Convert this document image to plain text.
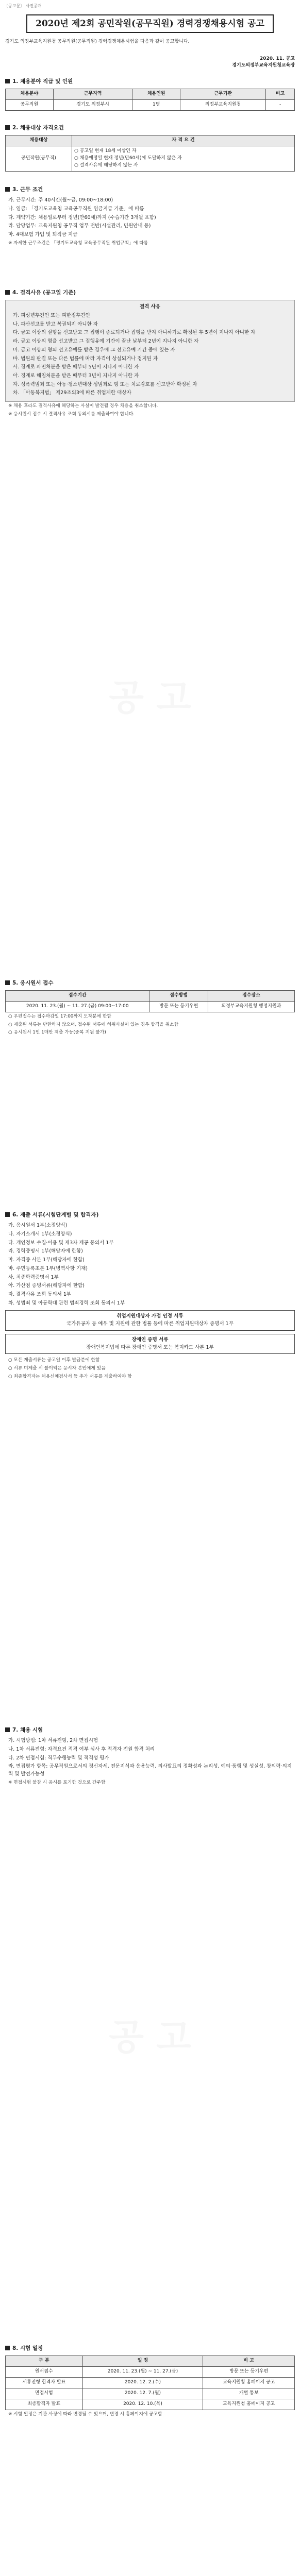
〔공고문〕 사전공개
2020년 제2회 공민작원(공무직원) 경력경쟁채용시험 공고
경기도 의정부교육지원청 공무직원(공무직원) 경력경쟁채용시험을 다음과 같이 공고합니다.
2020. 11. 공고
경기도의정부교육지원청교육장
1. 채용분야 직급 및 인원
채용분야	근무지역	채용인원	근무기관	비고
공무직원	경기도 의정부시	1명	의정부교육지원청	-
2. 채용대상 자격요건
채용대상	자 격 요 건
공민작원(공무직)	○ 공고일 현재 18세 이상인 자
○ 채용예정일 현재 정년(만60세)에 도달하지 않은 자
○ 결격사유에 해당하지 않는 자
3. 근무 조건
가. 근무시간: 주 40시간(월~금, 09:00~18:00)
나. 임금: 「경기도교육청 교육공무직원 임금지급 기준」에 따름
다. 계약기간: 채용일로부터 정년(만60세)까지 (수습기간 3개월 포함)
라. 담당업무: 교육지원청 공무직 업무 전반(시설관리, 민원안내 등)
마. 4대보험 가입 및 퇴직금 지급
※ 자세한 근무조건은 「경기도교육청 교육공무직원 취업규칙」에 따름
4. 결격사유 (공고일 기준)
결격 사유
가. 피성년후견인 또는 피한정후견인
나. 파산선고를 받고 복권되지 아니한 자
다. 금고 이상의 실형을 선고받고 그 집행이 종료되거나 집행을 받지 아니하기로 확정된 후 5년이 지나지 아니한 자
라. 금고 이상의 형을 선고받고 그 집행유예 기간이 끝난 날부터 2년이 지나지 아니한 자
마. 금고 이상의 형의 선고유예를 받은 경우에 그 선고유예 기간 중에 있는 자
바. 법원의 판결 또는 다른 법률에 따라 자격이 상실되거나 정지된 자
사. 징계로 파면처분을 받은 때부터 5년이 지나지 아니한 자
아. 징계로 해임처분을 받은 때부터 3년이 지나지 아니한 자
자. 성폭력범죄 또는 아동·청소년대상 성범죄로 형 또는 치료감호를 선고받아 확정된 자
차. 「아동복지법」 제29조의3에 따른 취업제한 대상자
※ 채용 후라도 결격사유에 해당하는 사실이 발견될 경우 채용을 취소합니다.
※ 응시원서 접수 시 결격사유 조회 동의서를 제출하여야 합니다.
5. 응시원서 접수
접수기간	접수방법	접수장소
2020. 11. 23.(월) ~ 11. 27.(금) 09:00~17:00	방문 또는 등기우편	의정부교육지원청 행정지원과
○ 우편접수는 접수마감일 17:00까지 도착분에 한함
○ 제출된 서류는 반환하지 않으며, 접수된 서류에 허위사실이 있는 경우 합격을 취소함
○ 응시원서 1인 1매만 제출 가능(중복 지원 불가)
6. 제출 서류(시험단계별 및 합격자)
가. 응시원서 1부(소정양식)
나. 자기소개서 1부(소정양식)
다. 개인정보 수집·이용 및 제3자 제공 동의서 1부
라. 경력증명서 1부(해당자에 한함)
마. 자격증 사본 1부(해당자에 한함)
바. 주민등록초본 1부(병역사항 기재)
사. 최종학력증명서 1부
아. 가산점 증빙서류(해당자에 한함)
자. 결격사유 조회 동의서 1부
차. 성범죄 및 아동학대 관련 범죄경력 조회 동의서 1부
취업지원대상자 가점 인정 서류
국가유공자 등 예우 및 지원에 관한 법률 등에 따른 취업지원대상자 증명서 1부
장애인 증명 서류
장애인복지법에 따른 장애인 증명서 또는 복지카드 사본 1부
○ 모든 제출서류는 공고일 이후 발급분에 한함
○ 서류 미제출 시 불이익은 응시자 본인에게 있음
○ 최종합격자는 채용신체검사서 등 추가 서류를 제출하여야 함
7. 채용 시험
가. 시험방법: 1차 서류전형, 2차 면접시험
나. 1차 서류전형: 자격요건 적격 여부 심사 후 적격자 전원 합격 처리
다. 2차 면접시험: 직무수행능력 및 적격성 평가
라. 면접평가 항목: 공무직원으로서의 정신자세, 전문지식과 응용능력, 의사발표의 정확성과 논리성, 예의·품행 및 성실성, 창의력·의지력 및 발전가능성
※ 면접시험 불참 시 응시를 포기한 것으로 간주함
8. 시험 일정
구 분	일 정	비 고
원서접수	2020. 11. 23.(월) ~ 11. 27.(금)	방문 또는 등기우편
서류전형 합격자 발표	2020. 12. 2.(수)	교육지원청 홈페이지 공고
면접시험	2020. 12. 7.(월)	개별 통보
최종합격자 발표	2020. 12. 10.(목)	교육지원청 홈페이지 공고
※ 시험 일정은 기관 사정에 따라 변경될 수 있으며, 변경 시 홈페이지에 공고함
